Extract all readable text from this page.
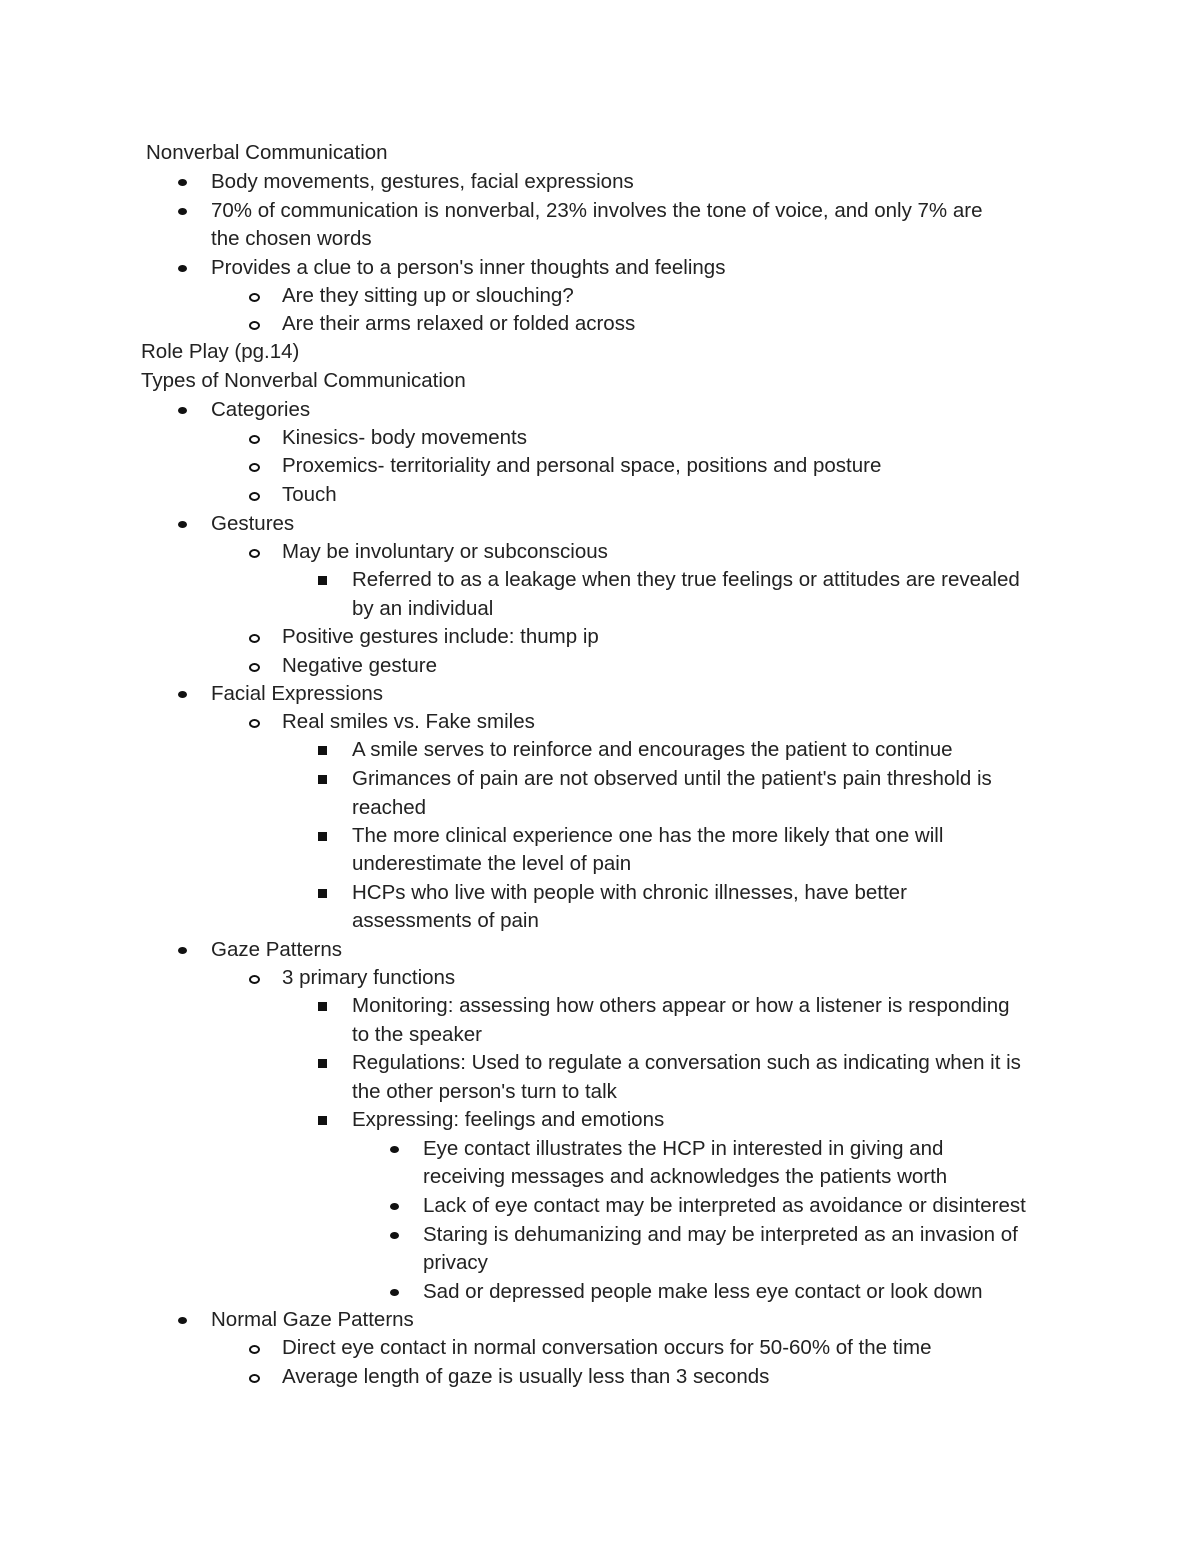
Nonverbal Communication
Body movements, gestures, facial expressions
70% of communication is nonverbal, 23% involves the tone of voice, and only 7% are
the chosen words
Provides a clue to a person's inner thoughts and feelings
Are they sitting up or slouching?
Are their arms relaxed or folded across
Role Play (pg.14)
Types of Nonverbal Communication
Categories
Kinesics- body movements
Proxemics- territoriality and personal space, positions and posture
Touch
Gestures
May be involuntary or subconscious
Referred to as a leakage when they true feelings or attitudes are revealed
by an individual
Positive gestures include: thump ip
Negative gesture
Facial Expressions
Real smiles vs. Fake smiles
A smile serves to reinforce and encourages the patient to continue
Grimances of pain are not observed until the patient's pain threshold is
reached
The more clinical experience one has the more likely that one will
underestimate the level of pain
HCPs who live with people with chronic illnesses, have better
assessments of pain
Gaze Patterns
3 primary functions
Monitoring: assessing how others appear or how a listener is responding
to the speaker
Regulations: Used to regulate a conversation such as indicating when it is
the other person's turn to talk
Expressing: feelings and emotions
Eye contact illustrates the HCP in interested in giving and
receiving messages and acknowledges the patients worth
Lack of eye contact may be interpreted as avoidance or disinterest
Staring is dehumanizing and may be interpreted as an invasion of
privacy
Sad or depressed people make less eye contact or look down
Normal Gaze Patterns
Direct eye contact in normal conversation occurs for 50-60% of the time
Average length of gaze is usually less than 3 seconds
